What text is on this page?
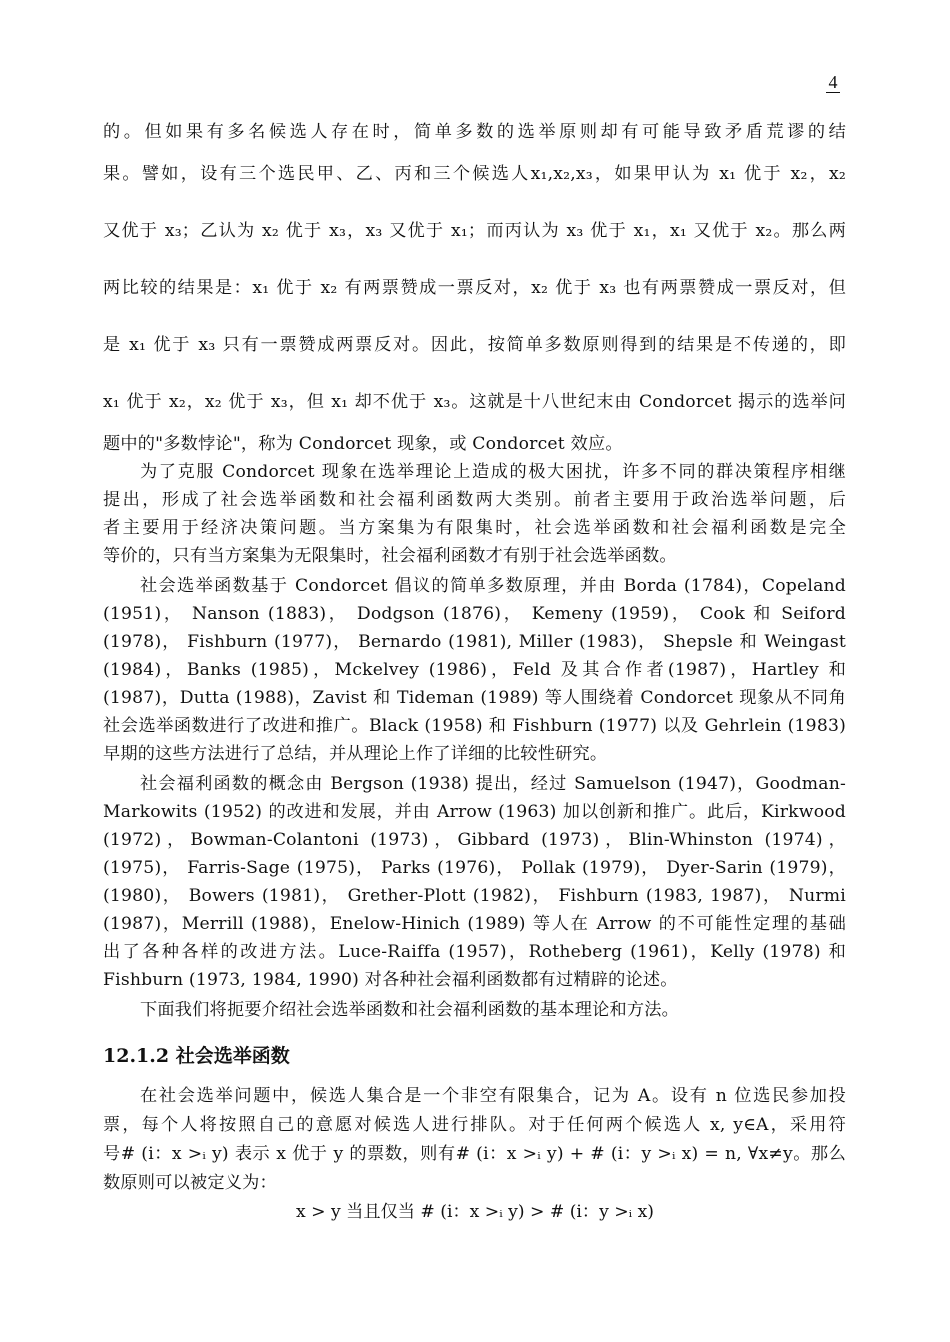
4
的。但如果有多名候选人存在时，简单多数的选举原则却有可能导致矛盾荒谬的结
果。譬如，设有三个选民甲、乙、丙和三个候选人x₁,x₂,x₃，如果甲认为 x₁ 优于 x₂，x₂
又优于 x₃；乙认为 x₂ 优于 x₃，x₃ 又优于 x₁；而丙认为 x₃ 优于 x₁，x₁ 又优于 x₂。那么两
两比较的结果是：x₁ 优于 x₂ 有两票赞成一票反对，x₂ 优于 x₃ 也有两票赞成一票反对，但
是 x₁ 优于 x₃ 只有一票赞成两票反对。因此，按简单多数原则得到的结果是不传递的，即
x₁ 优于 x₂，x₂ 优于 x₃，但 x₁ 却不优于 x₃。这就是十八世纪末由 Condorcet 揭示的选举问
题中的"多数悖论"，称为 Condorcet 现象，或 Condorcet 效应。
为了克服 Condorcet 现象在选举理论上造成的极大困扰，许多不同的群决策程序相继
提出，形成了社会选举函数和社会福利函数两大类别。前者主要用于政治选举问题，后
者主要用于经济决策问题。当方案集为有限集时，社会选举函数和社会福利函数是完全
等价的，只有当方案集为无限集时，社会福利函数才有别于社会选举函数。
社会选举函数基于 Condorcet 倡议的简单多数原理，并由 Borda (1784)，Copeland
(1951)， Nanson (1883)， Dodgson (1876)， Kemeny (1959)， Cook 和 Seiford
(1978)， Fishburn (1977)， Bernardo (1981), Miller (1983)， Shepsle 和 Weingast
(1984)，Banks (1985)，Mckelvey (1986)，Feld 及其合作者(1987)，Hartley 和
(1987)，Dutta (1988)，Zavist 和 Tideman (1989) 等人围绕着 Condorcet 现象从不同角
社会选举函数进行了改进和推广。Black (1958) 和 Fishburn (1977) 以及 Gehrlein (1983)
早期的这些方法进行了总结，并从理论上作了详细的比较性研究。
社会福利函数的概念由 Bergson (1938) 提出，经过 Samuelson (1947)，Goodman-
Markowits (1952) 的改进和发展，并由 Arrow (1963) 加以创新和推广。此后，Kirkwood
(1972)，Bowman-Colantoni (1973)，Gibbard (1973)，Blin-Whinston (1974)，
(1975)， Farris-Sage (1975)， Parks (1976)， Pollak (1979)， Dyer-Sarin (1979)，
(1980)， Bowers (1981)， Grether-Plott (1982)， Fishburn (1983, 1987)， Nurmi
(1987)，Merrill (1988)，Enelow-Hinich (1989) 等人在 Arrow 的不可能性定理的基础
出了各种各样的改进方法。Luce-Raiffa (1957)，Rotheberg (1961)，Kelly (1978) 和
Fishburn (1973, 1984, 1990) 对各种社会福利函数都有过精辟的论述。
下面我们将扼要介绍社会选举函数和社会福利函数的基本理论和方法。
12.1.2 社会选举函数
在社会选举问题中，候选人集合是一个非空有限集合，记为 A。设有 n 位选民参加投
票，每个人将按照自己的意愿对候选人进行排队。对于任何两个候选人 x, y∈A，采用符
号# (i：x >ᵢ y) 表示 x 优于 y 的票数，则有# (i：x >ᵢ y) + # (i：y >ᵢ x) = n, ∀x≠y。那么
数原则可以被定义为：
x > y 当且仅当 # (i：x >ᵢ y) > # (i：y >ᵢ x)
